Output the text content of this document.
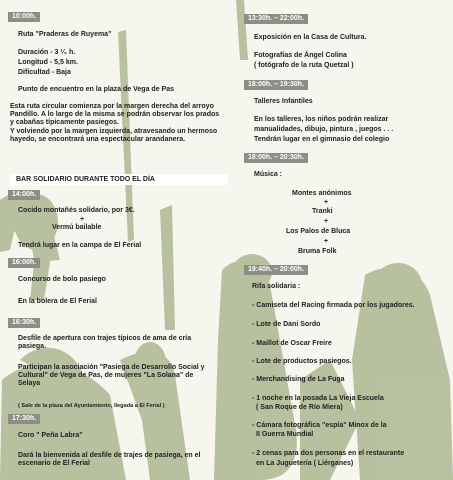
10:00h.
Ruta "Praderas de Ruyema"
Duración - 3 ¹⁄₂ h.
Longitud - 5,5 km.
Dificultad - Baja
Punto de encuentro en la plaza de Vega de Pas
Esta ruta circular comienza por la margen derecha del arroyo Pandillo. A lo largo de la misma se podrán observar los prados y cabañas típicamente pasiegos.
Y volviendo por la margen izquierda, atravesando un hermoso hayedo, se encontrará una espectacular arandanera.
BAR SOLIDARIO DURANTE TODO EL DÍA
14:00h.
Cocido montañés solidario, por 3€.
+
Vermú bailable
Tendrá lugar en la campa de El Ferial
16:00h.
Concurso de bolo pasiego
En la bolera de El Ferial
16:30h.
Desfile de apertura con trajes típicos de ama de cría pasiega.
Participan la asociación "Pasiega de Desarrollo Social y Cultural" de Vega de Pas, de mujeres "La Solana" de Selaya
( Sale de la plaza del Ayuntamiento, llegada a El Ferial )
17:30h.
Coro " Peña Labra"
Dará la bienvenida al desfile de trajes de pasiega, en el escenario de El Ferial
13:30h. – 22:00h.
Exposición en la Casa de Cultura.
Fotografías de Ángel Colina
( fotógrafo de la ruta Quetzal )
18:00h. – 19:30h.
Talleres Infantiles
En los talleres, los niños podrán realizar
manualidades, dibujo, pintura , juegos . . .
Tendrán lugar en el gimnasio del colegio
18:00h. – 20:30h.
Música :
Montes anónimos
+
Tranki
+
Los Palos de Bluca
+
Bruma Folk
19:40h. – 20:00h.
Rifa solidaria :
- Camiseta del Racing firmada por los jugadores.
- Lote de Dani Sordo
- Maillot de Oscar Freire
- Lote de productos pasiegos.
- Merchandising de La Fuga
- 1 noche en la posada La Vieja Escuela
( San Roque de Río Miera)
- Cámara fotográfica "espía" Minox de la
II Guerra Mundial
- 2 cenas para dos personas en el restaurante
en La Juguetería ( Liérganes)
